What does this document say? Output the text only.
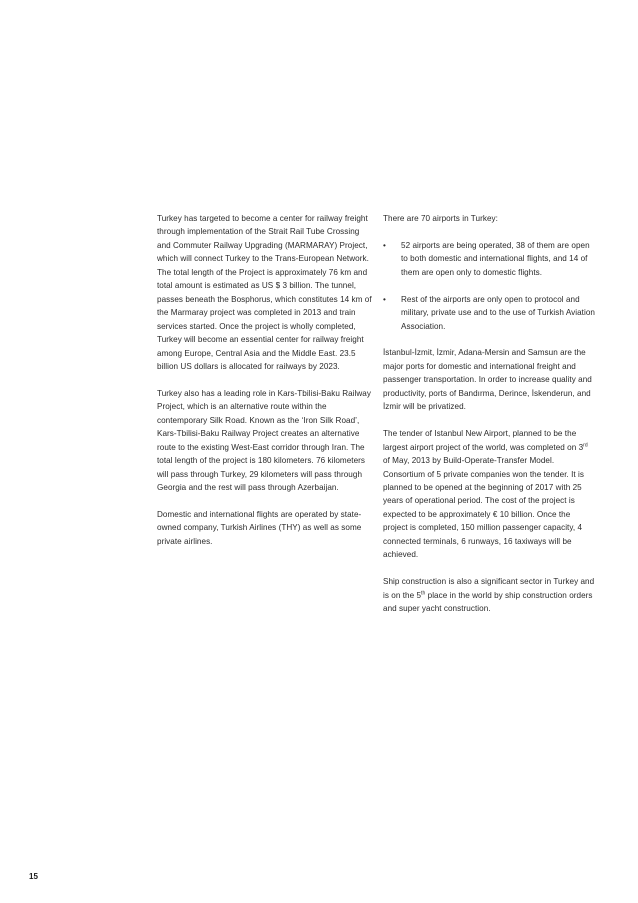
Turkey has targeted to become a center for railway freight through implementation of the Strait Rail Tube Crossing and Commuter Railway Upgrading (MARMARAY) Project, which will connect Turkey to the Trans-European Network. The total length of the Project is approximately 76 km and total amount is estimated as US $ 3 billion. The tunnel, passes beneath the Bosphorus, which constitutes 14 km of the Marmaray project was completed in 2013 and train services started. Once the project is wholly completed, Turkey will become an essential center for railway freight among Europe, Central Asia and the Middle East. 23.5 billion US dollars is allocated for railways by 2023.

Turkey also has a leading role in Kars-Tbilisi-Baku Railway Project, which is an alternative route within the contemporary Silk Road. Known as the ‘Iron Silk Road’, Kars-Tbilisi-Baku Railway Project creates an alternative route to the existing West-East corridor through Iran. The total length of the project is 180 kilometers. 76 kilometers will pass through Turkey, 29 kilometers will pass through Georgia and the rest will pass through Azerbaijan.

Domestic and international flights are operated by state-owned company, Turkish Airlines (THY) as well as some private airlines.

There are 70 airports in Turkey:

• 52 airports are being operated, 38 of them are open to both domestic and international flights, and 14 of them are open only to domestic flights.
• Rest of the airports are only open to protocol and military, private use and to the use of Turkish Aviation Association.

İstanbul-İzmit, İzmir, Adana-Mersin and Samsun are the major ports for domestic and international freight and passenger transportation. In order to increase quality and productivity, ports of Bandırma, Derince, İskenderun, and İzmir will be privatized.

The tender of Istanbul New Airport, planned to be the largest airport project of the world, was completed on 3rd of May, 2013 by Build-Operate-Transfer Model. Consortium of 5 private companies won the tender. It is planned to be opened at the beginning of 2017 with 25 years of operational period. The cost of the project is expected to be approximately € 10 billion. Once the project is completed, 150 million passenger capacity, 4 connected terminals, 6 runways, 16 taxiways will be achieved.

Ship construction is also a significant sector in Turkey and is on the 5th place in the world by ship construction orders and super yacht construction.

15
